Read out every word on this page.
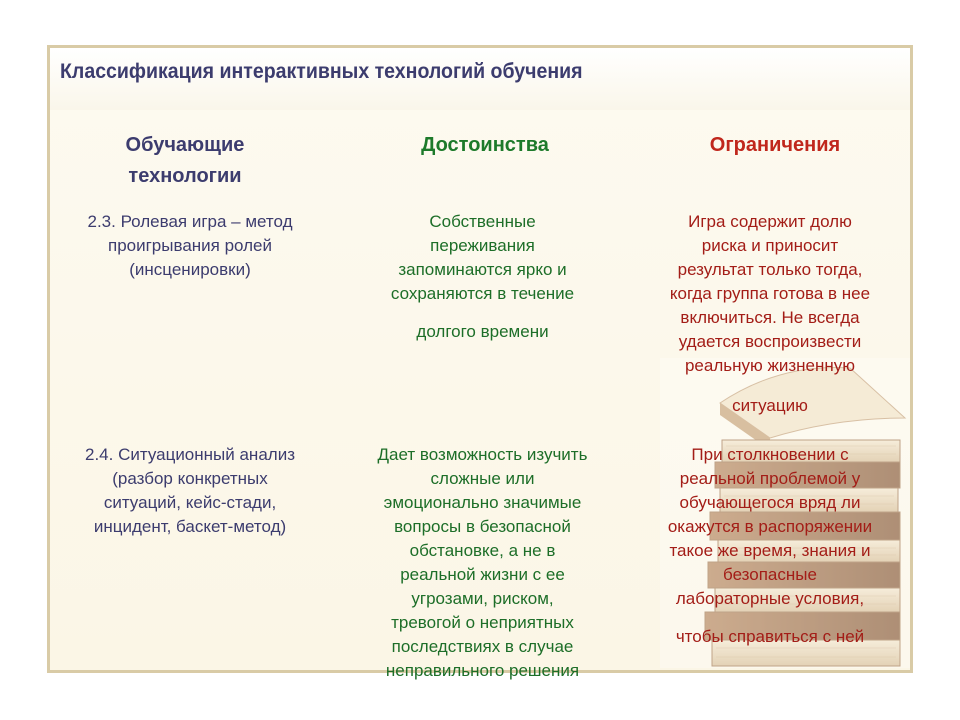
Классификация интерактивных технологий обучения
Обучающие
технологии
Достоинства	Ограничения
2.3. Ролевая игра – метод
проигрывания ролей
(инсценировки)
Собственные
переживания
запоминаются ярко и
сохраняются в течение
долгого времени
Игра содержит долю
риска и приносит
результат только тогда,
когда группа готова в нее
включиться. Не всегда
удается воспроизвести
реальную жизненную
ситуацию
2.4. Ситуационный анализ
(разбор конкретных
ситуаций, кейс-стади,
инцидент, баскет-метод)
Дает возможность изучить
сложные или
эмоционально значимые
вопросы в безопасной
обстановке, а не в
реальной жизни с ее
угрозами, риском,
тревогой о неприятных
последствиях в случае
неправильного решения
При столкновении с
реальной проблемой у
обучающегося вряд ли
окажутся в распоряжении
такое же время, знания и
безопасные
лабораторные условия,
чтобы справиться с ней
